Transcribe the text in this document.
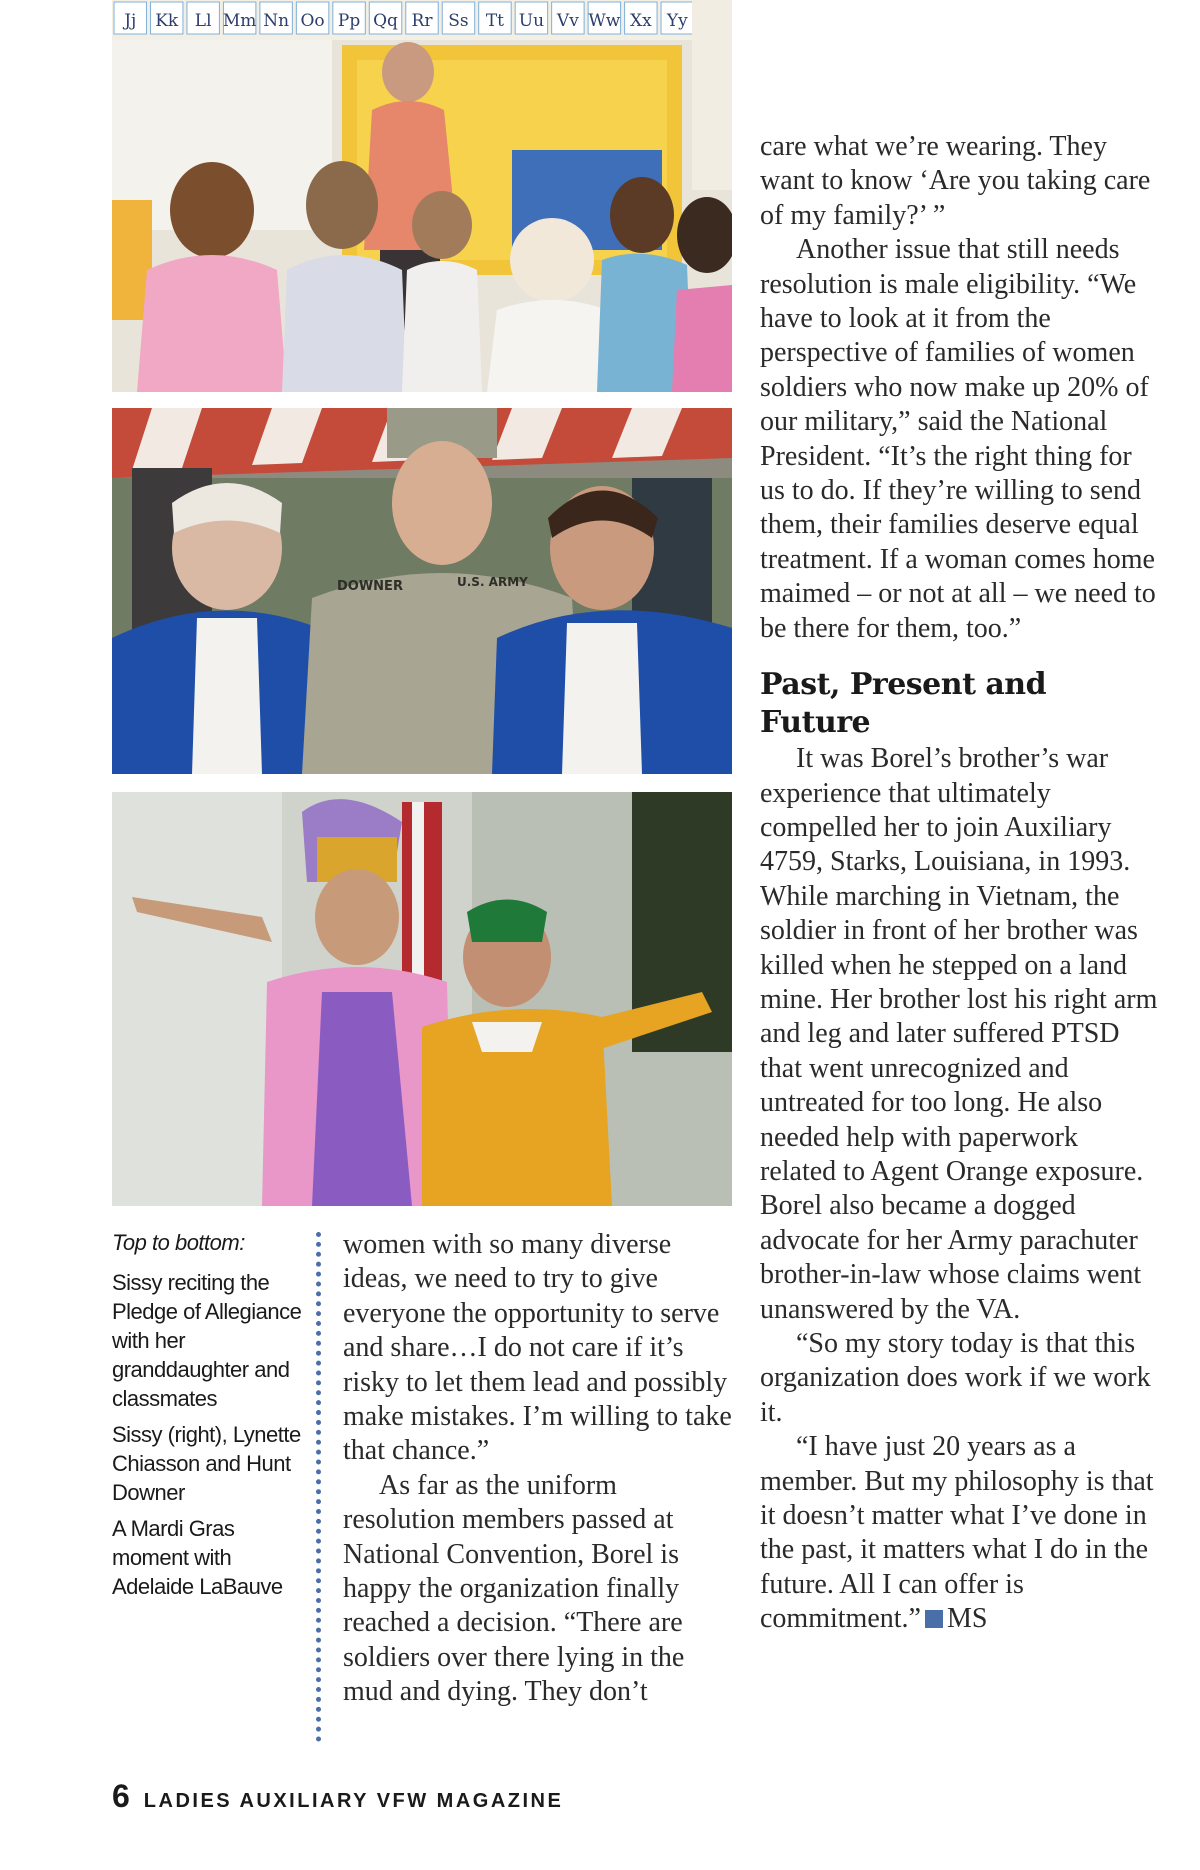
Jj Kk Ll Mm Nn Oo Pp Qq Rr Ss Tt Uu Vv Ww Xx Yy
DOWNER	U.S. ARMY

Top to bottom:

Sissy reciting the Pledge of Allegiance with her granddaughter and classmates

Sissy (right), Lynette Chiasson and Hunt Downer

A Mardi Gras moment with Adelaide LaBauve

women with so many diverse ideas, we need to try to give everyone the opportunity to serve and share…I do not care if it’s risky to let them lead and possibly make mistakes. I’m willing to take that chance.”

As far as the uniform resolution members passed at National Convention, Borel is happy the organization finally reached a decision. “There are soldiers over there lying in the mud and dying. They don’t

care what we’re wearing. They want to know ‘Are you taking care of my family?’ ”

Another issue that still needs resolution is male eligibility. “We have to look at it from the perspective of families of women soldiers who now make up 20% of our military,” said the National President. “It’s the right thing for us to do. If they’re willing to send them, their families deserve equal treatment. If a woman comes home maimed – or not at all – we need to be there for them, too.”

Past, Present and Future

It was Borel’s brother’s war experience that ultimately compelled her to join Auxiliary 4759, Starks, Louisiana, in 1993. While marching in Vietnam, the soldier in front of her brother was killed when he stepped on a land mine. Her brother lost his right arm and leg and later suffered PTSD that went unrecognized and untreated for too long. He also needed help with paperwork related to Agent Orange exposure. Borel also became a dogged advocate for her Army parachuter brother-in-law whose claims went unanswered by the VA.

“So my story today is that this organization does work if we work it.

“I have just 20 years as a member. But my philosophy is that it doesn’t matter what I’ve done in the past, it matters what I do in the future. All I can offer is commitment.” MS

6 LADIES AUXILIARY VFW MAGAZINE
